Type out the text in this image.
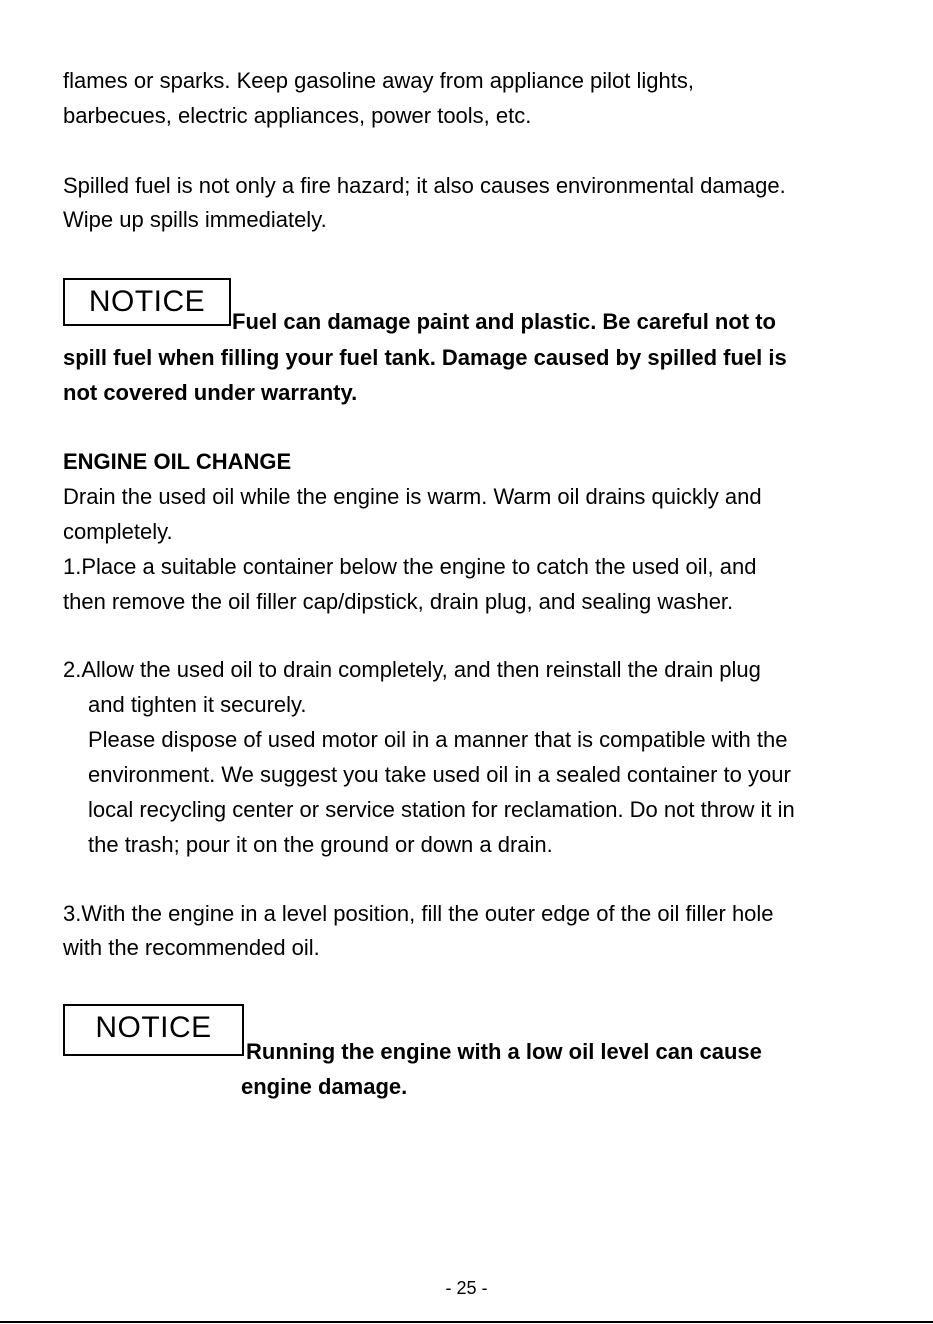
flames or sparks. Keep gasoline away from appliance pilot lights,
barbecues, electric appliances, power tools, etc.
Spilled fuel is not only a fire hazard; it also causes environmental damage.
Wipe up spills immediately.
NOTICE
Fuel can damage paint and plastic. Be careful not to
spill fuel when filling your fuel tank. Damage caused by spilled fuel is
not covered under warranty.
ENGINE OIL CHANGE
Drain the used oil while the engine is warm. Warm oil drains quickly and
completely.
1.Place a suitable container below the engine to catch the used oil, and
then remove the oil filler cap/dipstick, drain plug, and sealing washer.
2.Allow the used oil to drain completely, and then reinstall the drain plug
and tighten it securely.
Please dispose of used motor oil in a manner that is compatible with the
environment. We suggest you take used oil in a sealed container to your
local recycling center or service station for reclamation. Do not throw it in
the trash; pour it on the ground or down a drain.
3.With the engine in a level position, fill the outer edge of the oil filler hole
with the recommended oil.
NOTICE
Running the engine with a low oil level can cause
engine damage.
- 25 -
